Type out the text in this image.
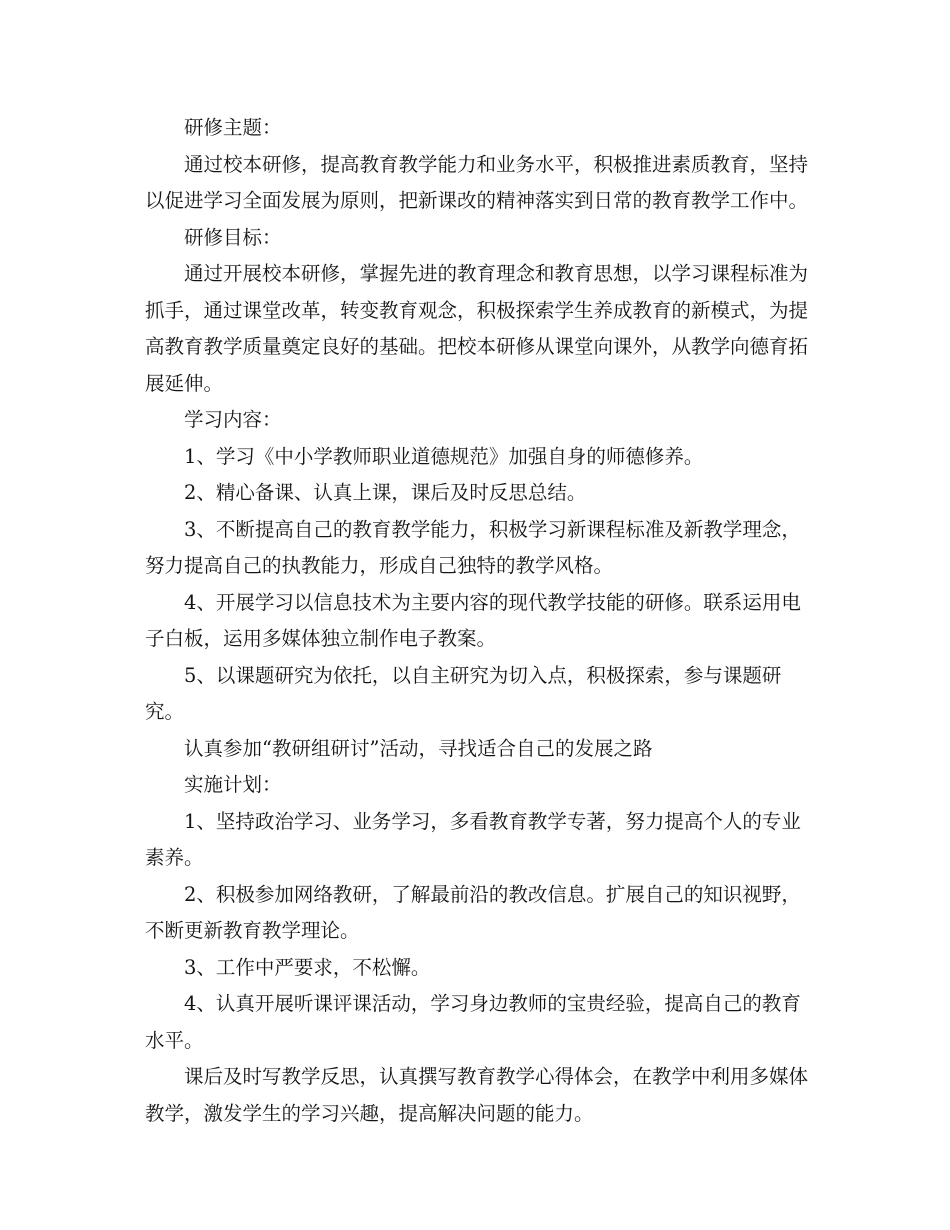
研修主题：

通过校本研修，提高教育教学能力和业务水平，积极推进素质教育，坚持以促进学习全面发展为原则，把新课改的精神落实到日常的教育教学工作中。

研修目标：

通过开展校本研修，掌握先进的教育理念和教育思想，以学习课程标准为抓手，通过课堂改革，转变教育观念，积极探索学生养成教育的新模式，为提高教育教学质量奠定良好的基础。把校本研修从课堂向课外，从教学向德育拓展延伸。

学习内容：

1、学习《中小学教师职业道德规范》加强自身的师德修养。

2、精心备课、认真上课，课后及时反思总结。

3、不断提高自己的教育教学能力，积极学习新课程标准及新教学理念，努力提高自己的执教能力，形成自己独特的教学风格。

4、开展学习以信息技术为主要内容的现代教学技能的研修。联系运用电子白板，运用多媒体独立制作电子教案。

5、以课题研究为依托，以自主研究为切入点，积极探索，参与课题研究。

认真参加“教研组研讨”活动，寻找适合自己的发展之路

实施计划：

1、坚持政治学习、业务学习，多看教育教学专著，努力提高个人的专业素养。

2、积极参加网络教研，了解最前沿的教改信息。扩展自己的知识视野，不断更新教育教学理论。

3、工作中严要求，不松懈。

4、认真开展听课评课活动，学习身边教师的宝贵经验，提高自己的教育水平。

课后及时写教学反思，认真撰写教育教学心得体会，在教学中利用多媒体教学，激发学生的学习兴趣，提高解决问题的能力。
